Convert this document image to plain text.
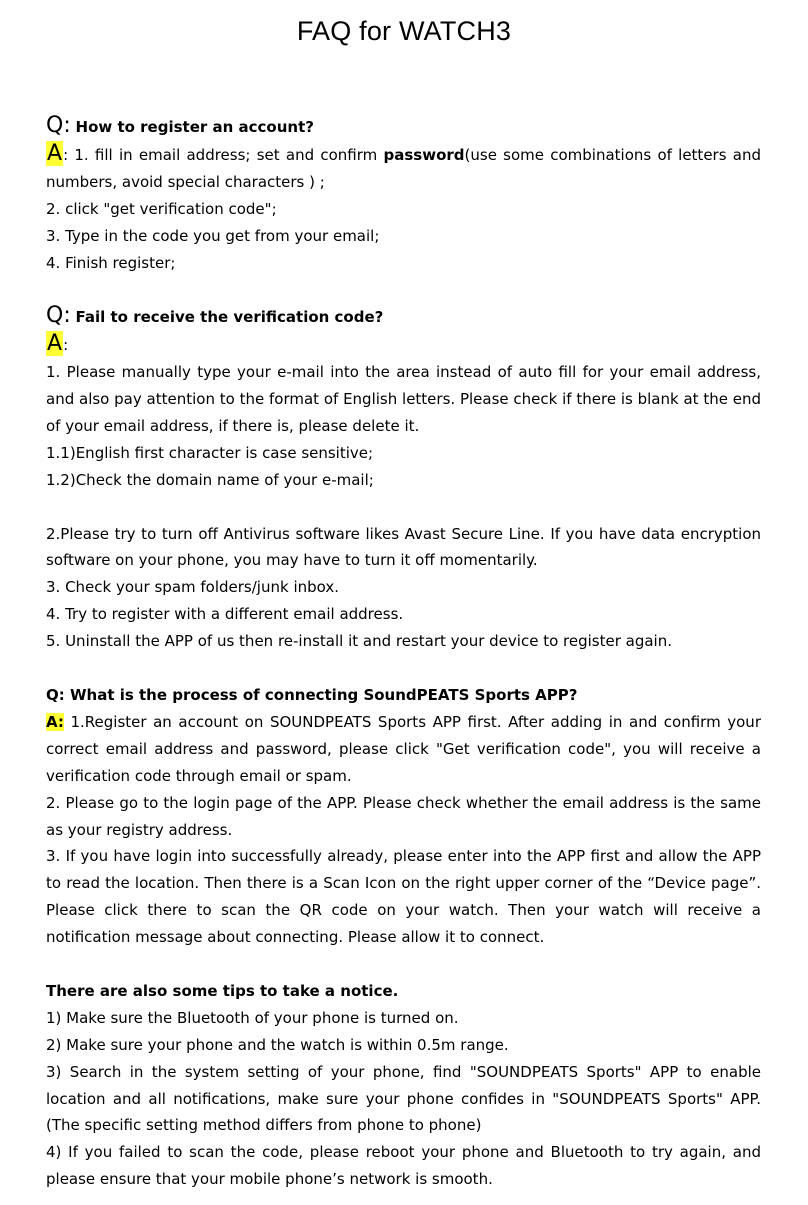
FAQ for WATCH3

Q: How to register an account?

A: 1. fill in email address; set and confirm password(use some combinations of letters and numbers, avoid special characters ) ;

2. click "get verification code";

3. Type in the code you get from your email;

4. Finish register;

Q: Fail to receive the verification code?

A:

1. Please manually type your e-mail into the area instead of auto fill for your email address, and also pay attention to the format of English letters. Please check if there is blank at the end of your email address, if there is, please delete it.

1.1)English first character is case sensitive;

1.2)Check the domain name of your e-mail;

2.Please try to turn off Antivirus software likes Avast Secure Line. If you have data encryption software on your phone, you may have to turn it off momentarily.

3. Check your spam folders/junk inbox.

4. Try to register with a different email address.

5. Uninstall the APP of us then re-install it and restart your device to register again.

Q: What is the process of connecting SoundPEATS Sports APP?

A: 1.Register an account on SOUNDPEATS Sports APP first. After adding in and confirm your correct email address and password, please click "Get verification code", you will receive a verification code through email or spam.

2. Please go to the login page of the APP. Please check whether the email address is the same as your registry address.

3. If you have login into successfully already, please enter into the APP first and allow the APP to read the location. Then there is a Scan Icon on the right upper corner of the “Device page”. Please click there to scan the QR code on your watch. Then your watch will receive a notification message about connecting. Please allow it to connect.

There are also some tips to take a notice.

1) Make sure the Bluetooth of your phone is turned on.

2) Make sure your phone and the watch is within 0.5m range.

3) Search in the system setting of your phone, find "SOUNDPEATS Sports" APP to enable location and all notifications, make sure your phone confides in "SOUNDPEATS Sports" APP.(The specific setting method differs from phone to phone)

4) If you failed to scan the code, please reboot your phone and Bluetooth to try again, and please ensure that your mobile phone’s network is smooth.
